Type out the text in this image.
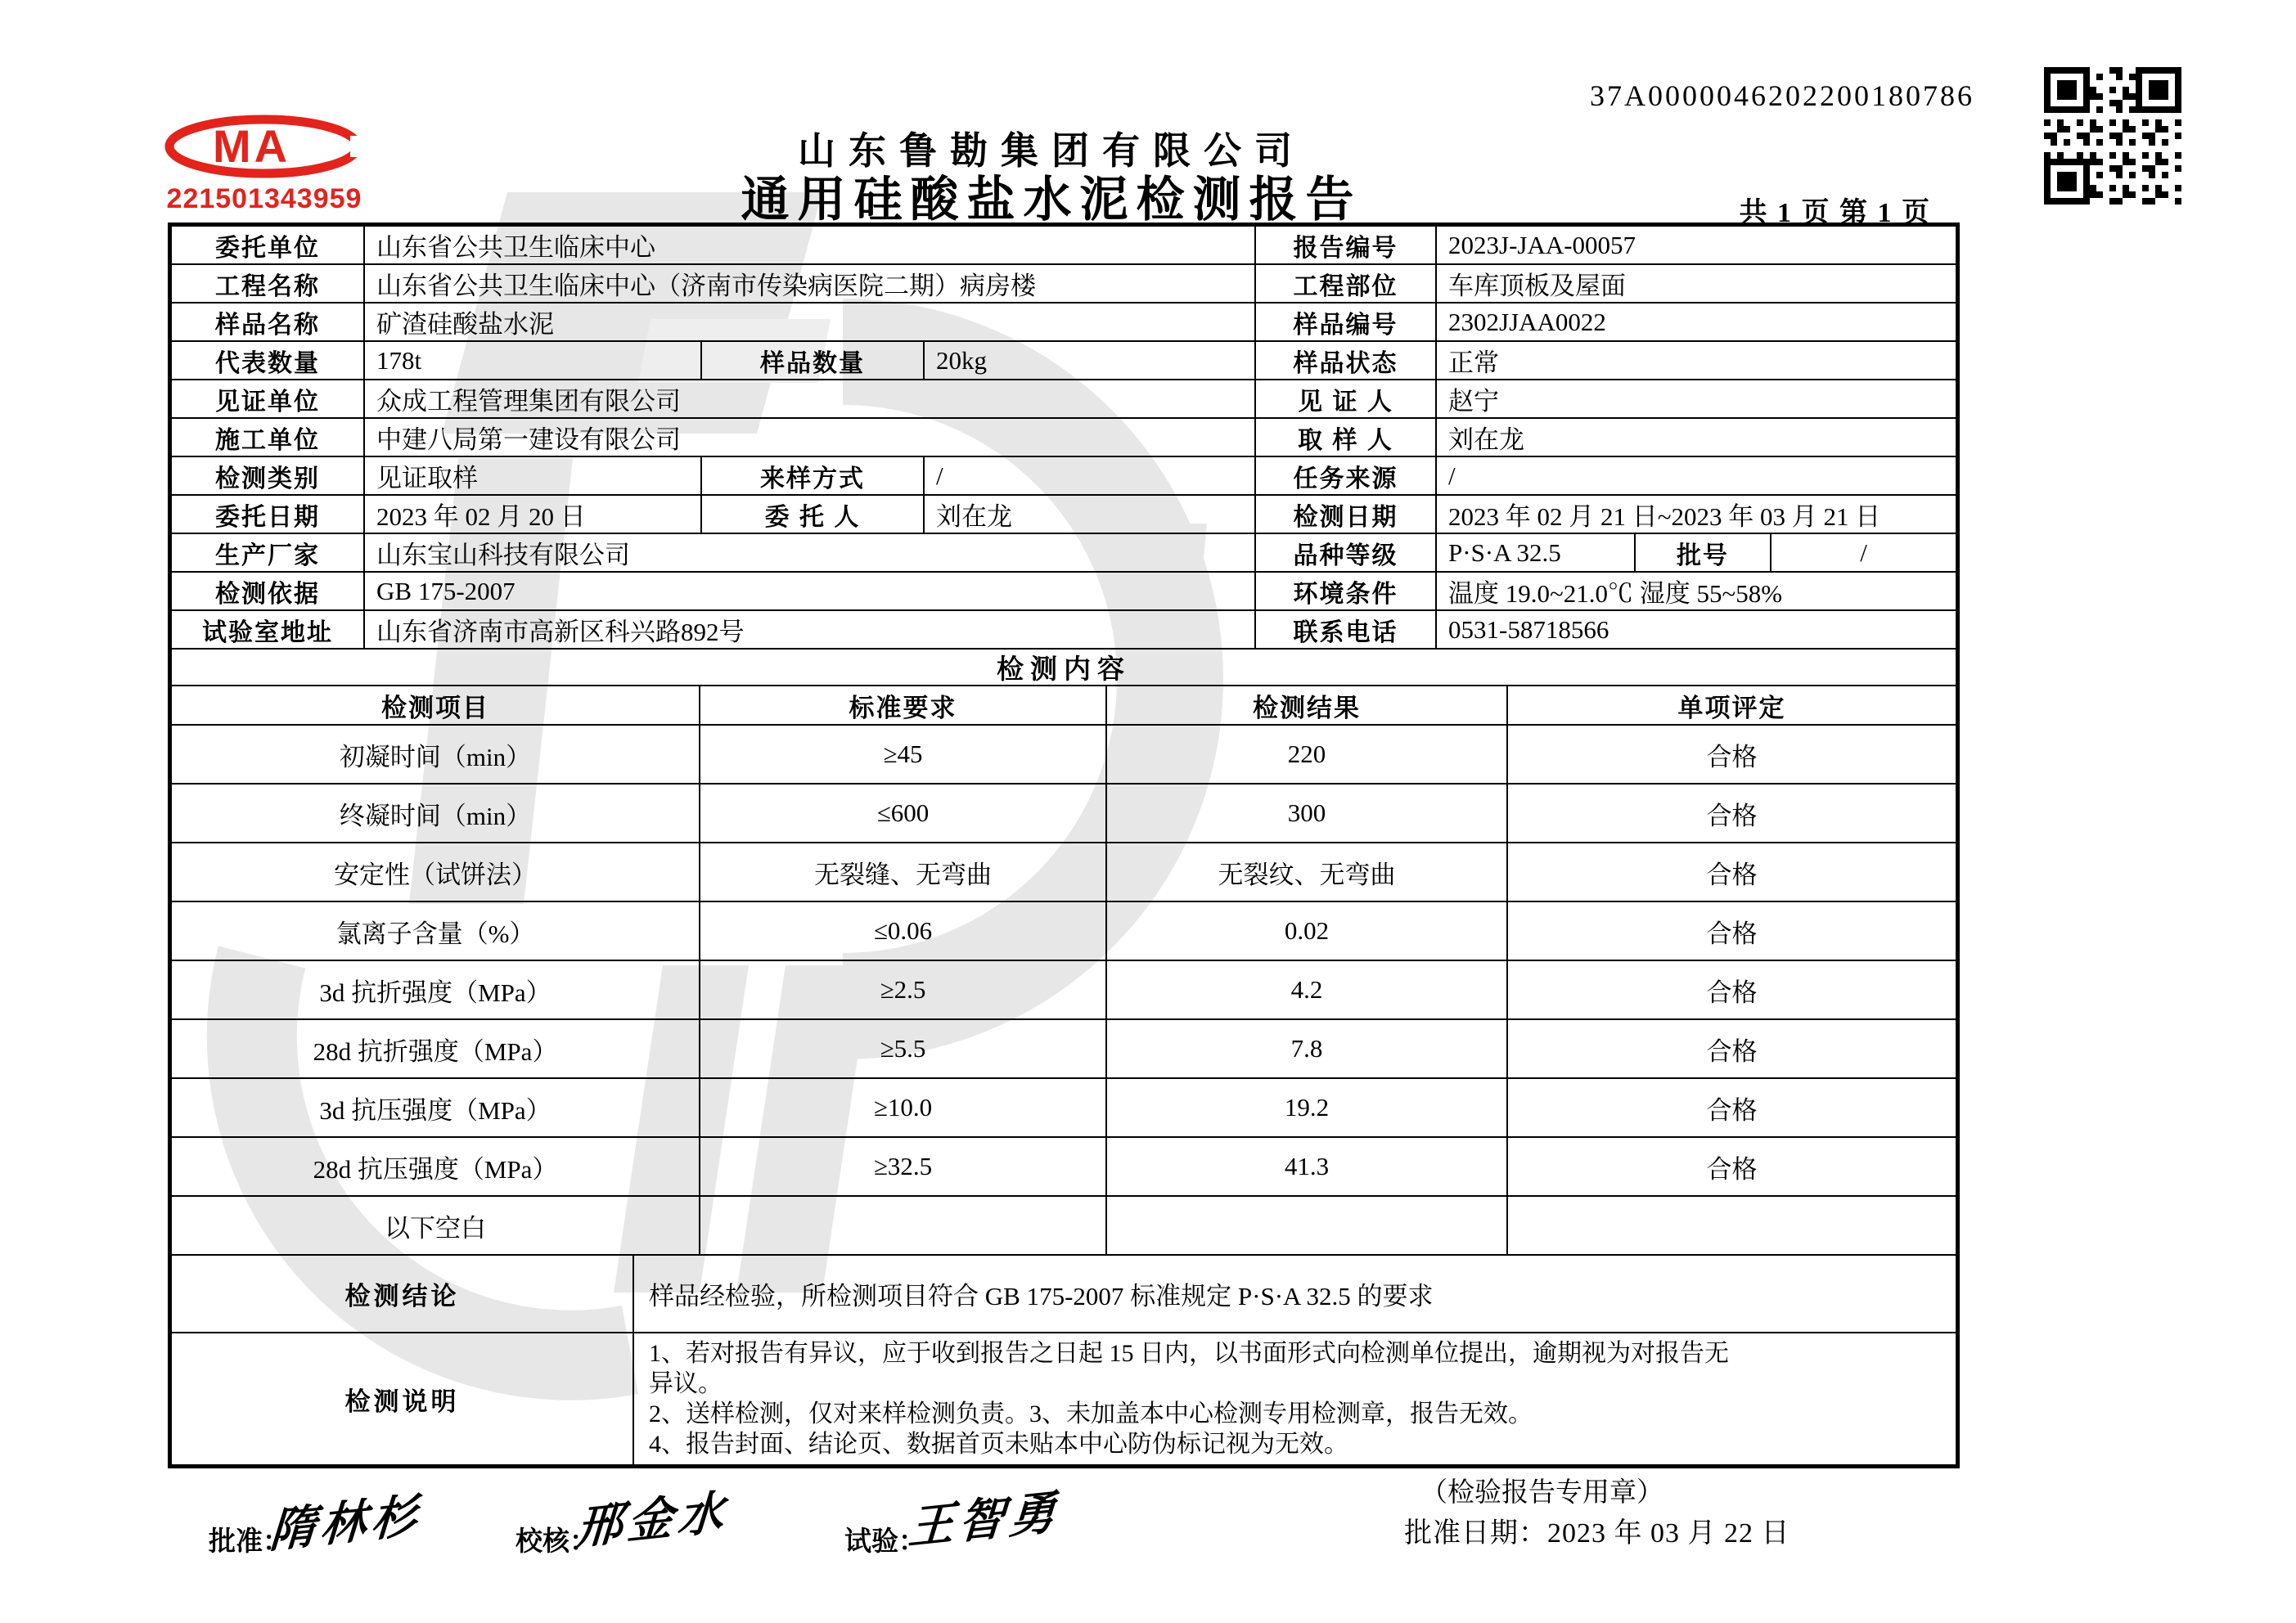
MA
221501343959
山东鲁勘集团有限公司
通用硅酸盐水泥检测报告
37A0000046202200180786
共 1 页 第 1 页
委托单位	山东省公共卫生临床中心	报告编号	2023J-JAA-00057
工程名称	山东省公共卫生临床中心（济南市传染病医院二期）病房楼	工程部位	车库顶板及屋面
样品名称	矿渣硅酸盐水泥	样品编号	2302JJAA0022
代表数量	178t	样品数量	20kg	样品状态	正常
见证单位	众成工程管理集团有限公司	见 证 人	赵宁
施工单位	中建八局第一建设有限公司	取 样 人	刘在龙
检测类别	见证取样	来样方式	/	任务来源	/
委托日期	2023 年 02 月 20 日	委 托 人	刘在龙	检测日期	2023 年 02 月 21 日~2023 年 03 月 21 日
生产厂家	山东宝山科技有限公司	品种等级	P·S·A 32.5	批号	/
检测依据	GB 175-2007	环境条件	温度 19.0~21.0℃ 湿度 55~58%
试验室地址	山东省济南市高新区科兴路892号	联系电话	0531-58718566
检测内容
检测项目	标准要求	检测结果	单项评定
初凝时间（min）	≥45	220	合格
终凝时间（min）	≤600	300	合格
安定性（试饼法）	无裂缝、无弯曲	无裂纹、无弯曲	合格
氯离子含量（%）	≤0.06	0.02	合格
3d 抗折强度（MPa）	≥2.5	4.2	合格
28d 抗折强度（MPa）	≥5.5	7.8	合格
3d 抗压强度（MPa）	≥10.0	19.2	合格
28d 抗压强度（MPa）	≥32.5	41.3	合格
以下空白
检测结论	样品经检验，所检测项目符合 GB 175-2007 标准规定 P·S·A 32.5 的要求
检测说明
1、若对报告有异议，应于收到报告之日起 15 日内，以书面形式向检测单位提出，逾期视为对报告无
异议。
2、送样检测，仅对来样检测负责。3、未加盖本中心检测专用检测章，报告无效。
4、报告封面、结论页、数据首页未贴本中心防伪标记视为无效。
（检验报告专用章）
批准日期：2023 年 03 月 22 日
批准：
隋林杉	校核：
邢金水	试验：
王智勇
